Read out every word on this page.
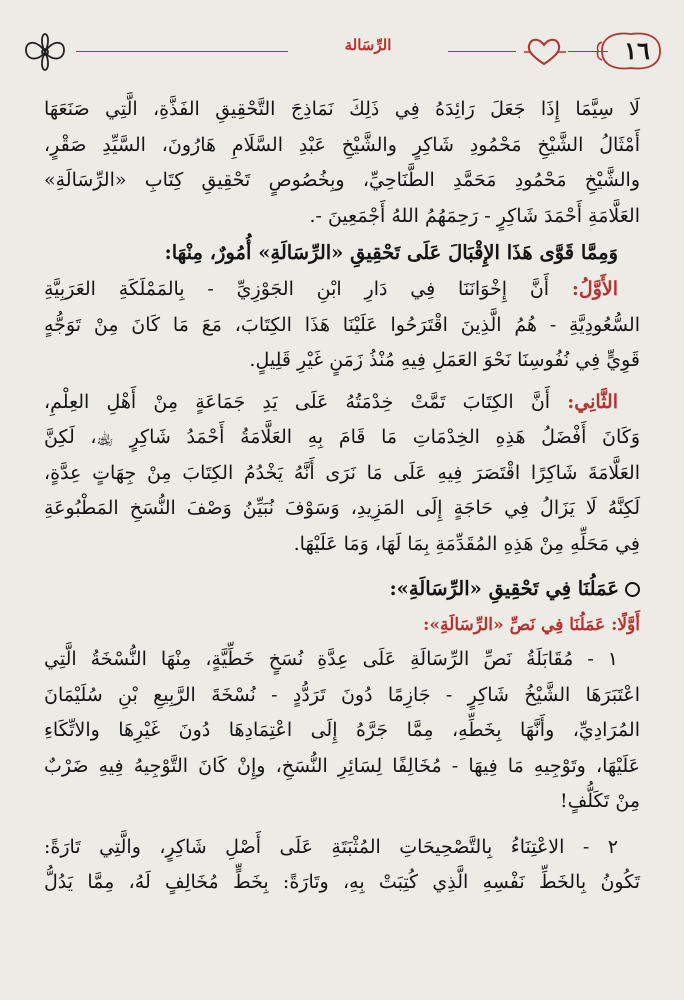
١٦
الرِّسَالة
لَا سِيَّمَا إِذَا جَعَلَ رَائِدَهُ فِي ذَلِكَ نَمَاذِجَ التَّحْقِيقِ الفَذَّةِ، الَّتِي صَنَعَهَا
أَمْثَالُ الشَّيْخِ مَحْمُودِ شَاكِرٍ والشَّيْخِ عَبْدِ السَّلَامِ هَارُونَ، السَّيِّدِ صَقْرٍ،
والشَّيْخِ مَحْمُودِ مَحَمَّدِ الطَّنَاحِيِّ، وبِخُصُوصٍ تَحْقِيقِ كِتَابِ «الرِّسَالَةِ»
العَلَّامَةِ أَحْمَدَ شَاكِرٍ - رَحِمَهُمُ اللهُ أَجْمَعِينَ -.
وَمِمَّا قَوَّى هَذَا الإِقْبَالَ عَلَى تَحْقِيقِ «الرِّسَالَةِ» أُمُورٌ، مِنْهَا:
الأَوَّلُ: أَنَّ إِخْوَانَنَا فِي دَارِ ابْنِ الجَوْزِيِّ - بِالمَمْلَكَةِ العَرَبِيَّةِ
السُّعُودِيَّةِ - هُمُ الَّذِينَ اقْتَرَحُوا عَلَيْنَا هَذَا الكِتَابَ، مَعَ مَا كَانَ مِنْ تَوَجُّهٍ
قَوِيٍّ فِي نُفُوسِنَا نَحْوَ العَمَلِ فِيهِ مُنْذُ زَمَنٍ غَيْرِ قَلِيلٍ.
الثَّانِي: أَنَّ الكِتَابَ تَمَّتْ خِدْمَتُهُ عَلَى يَدِ جَمَاعَةٍ مِنْ أَهْلِ العِلْمِ،
وَكَانَ أَفْضَلُ هَذِهِ الخِدْمَاتِ مَا قَامَ بِهِ العَلَّامَةُ أَحْمَدُ شَاكِرٍ ﵀، لَكِنَّ
العَلَّامَةَ شَاكِرًا اقْتَصَرَ فِيهِ عَلَى مَا نَرَى أَنَّهُ يَخْدُمُ الكِتَابَ مِنْ جِهَاتٍ عِدَّةٍ،
لَكِنَّهُ لَا يَزَالُ فِي حَاجَةٍ إِلَى المَزِيدِ، وَسَوْفَ نُبَيِّنُ وَصْفَ النُّسَخِ المَطْبُوعَةِ
فِي مَحَلِّهِ مِنْ هَذِهِ المُقَدِّمَةِ بِمَا لَهَا، وَمَا عَلَيْهَا.
عَمَلُنَا فِي تَحْقِيقِ «الرِّسَالَةِ»:
أَوَّلًا: عَمَلُنَا فِي نَصِّ «الرِّسَالَةِ»:
١ - مُقَابَلَةُ نَصِّ الرِّسَالَةِ عَلَى عِدَّةِ نُسَخٍ خَطِّيَّةٍ، مِنْهَا النُّسْخَةُ الَّتِي
اعْتَبَرَهَا الشَّيْخُ شَاكِرٍ - جَازِمًا دُونَ تَرَدُّدٍ - نُسْخَةَ الرَّبِيعِ بْنِ سُلَيْمَانَ
المُرَادِيِّ، وأَنَّهَا بِخَطِّهِ، مِمَّا جَرَّهُ إِلَى اعْتِمَادِهَا دُونَ غَيْرِهَا والاتِّكَاءِ
عَلَيْهَا، وتَوْجِيهِ مَا فِيهَا - مُخَالِفًا لِسَائِرِ النُّسَخِ، وإِنْ كَانَ التَّوْجِيهُ فِيهِ ضَرْبٌ
مِنْ تَكَلُّفٍ!
٢ - الاعْتِنَاءُ بِالتَّصْحِيحَاتِ المُثْبَتَةِ عَلَى أَصْلِ شَاكِرٍ، والَّتِي تَارَةً:
تَكُونُ بِالخَطِّ نَفْسِهِ الَّذِي كُتِبَتْ بِهِ، وتَارَةً: بِخَطٍّ مُخَالِفٍ لَهُ، مِمَّا يَدُلُّ
